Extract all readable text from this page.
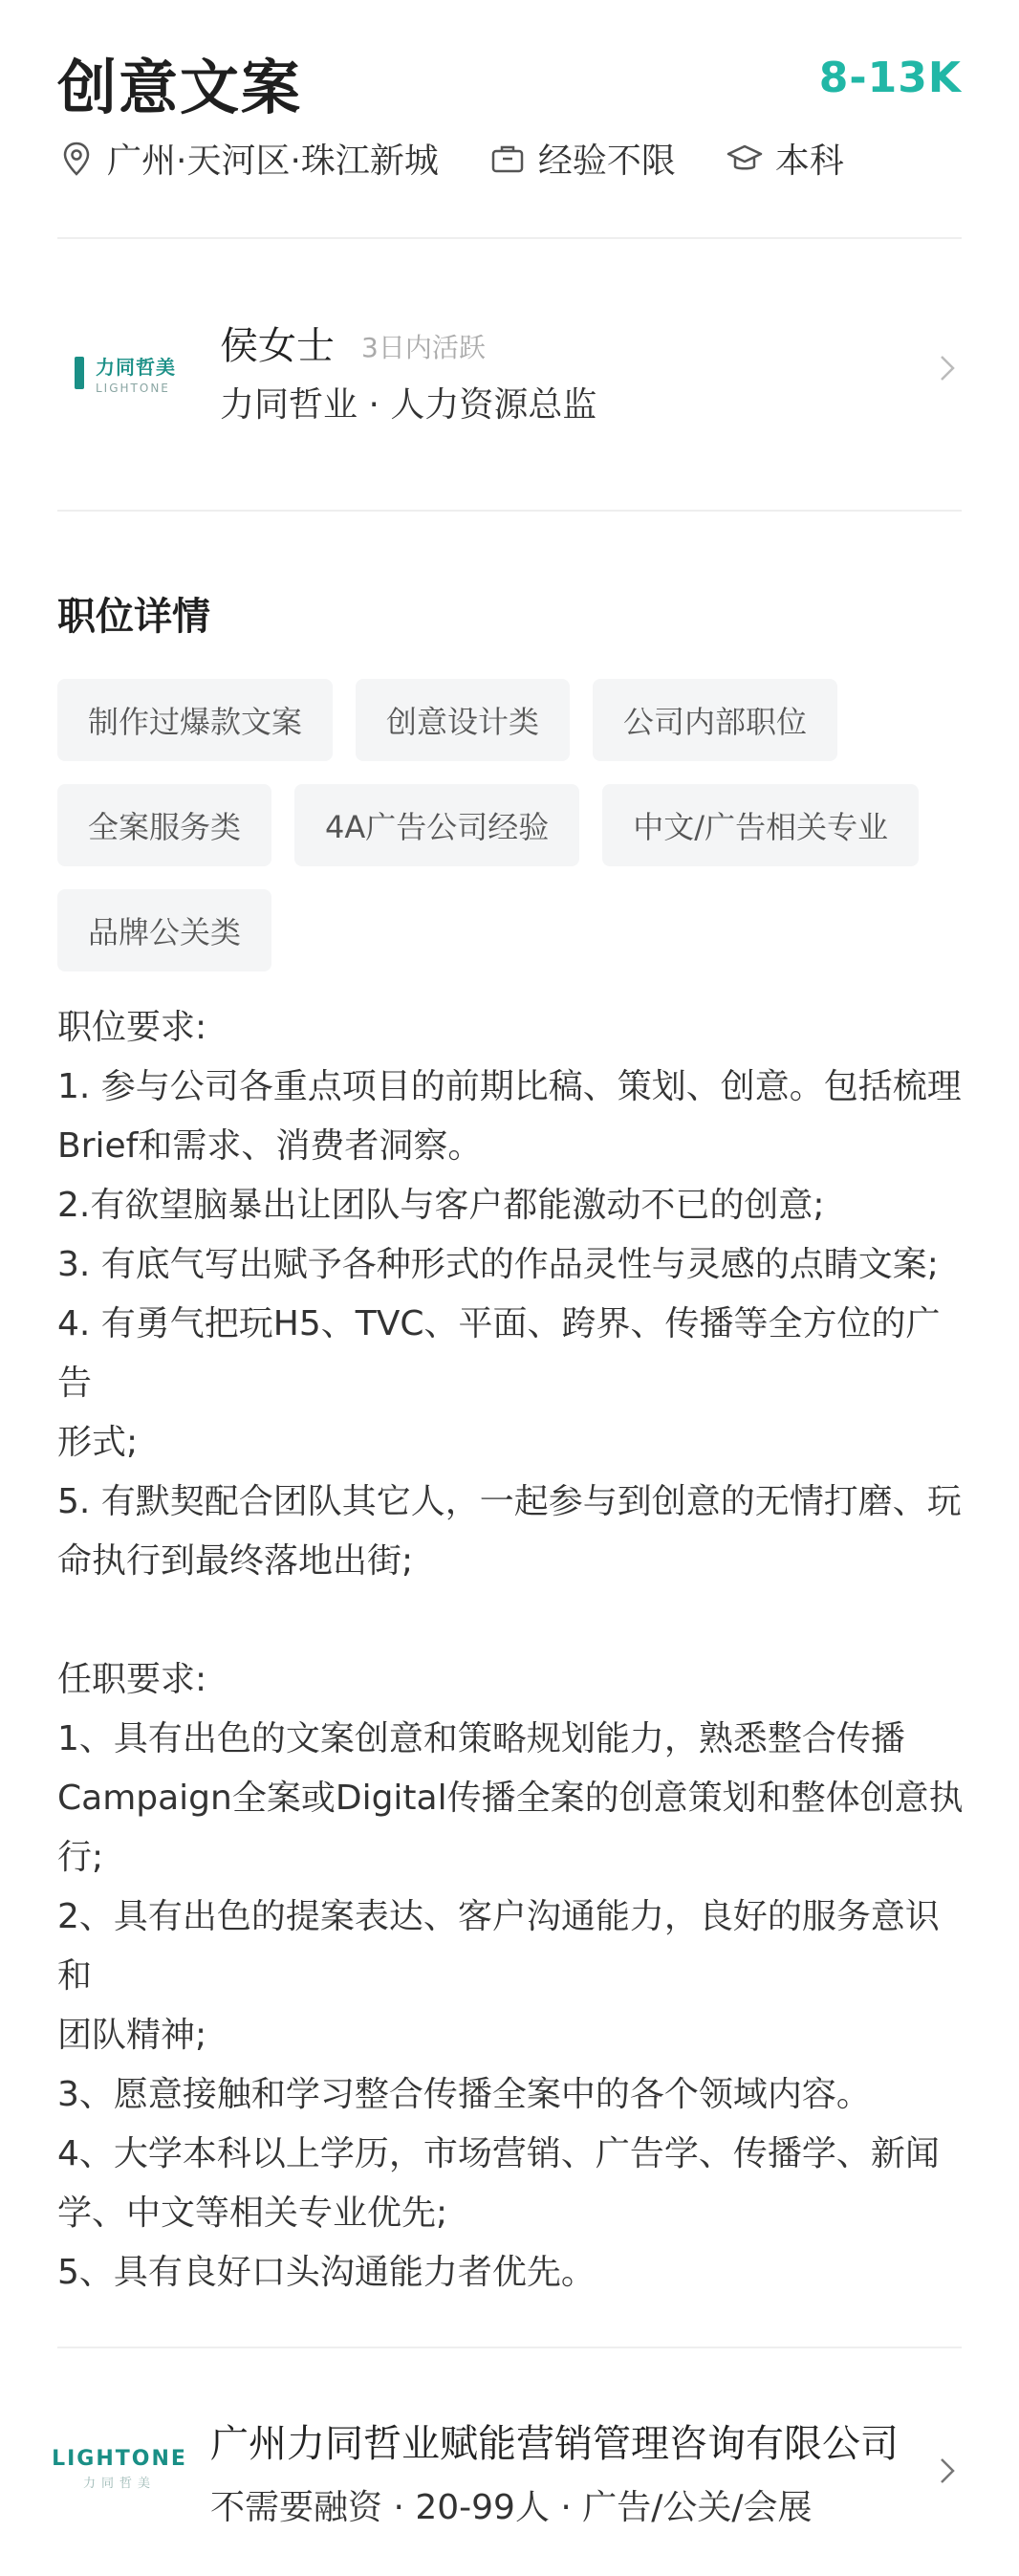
创意文案	8-13K
广州·天河区·珠江新城	经验不限	本科
力同哲美
LIGHTONE
侯女士 3日内活跃
力同哲业 · 人力资源总监
职位详情
制作过爆款文案	创意设计类	公司内部职位
全案服务类	4A广告公司经验	中文/广告相关专业
品牌公关类

职位要求:

1. 参与公司各重点项目的前期比稿、策划、创意。包括梳理

Brief和需求、消费者洞察。

2.有欲望脑暴出让团队与客户都能激动不已的创意;

3. 有底气写出赋予各种形式的作品灵性与灵感的点睛文案;

4. 有勇气把玩H5、TVC、平面、跨界、传播等全方位的广告

形式;

5. 有默契配合团队其它人，一起参与到创意的无情打磨、玩

命执行到最终落地出街;

任职要求:

1、具有出色的文案创意和策略规划能力，熟悉整合传播

Campaign全案或Digital传播全案的创意策划和整体创意执

行;

2、具有出色的提案表达、客户沟通能力，良好的服务意识和

团队精神;

3、愿意接触和学习整合传播全案中的各个领域内容。

4、大学本科以上学历，市场营销、广告学、传播学、新闻

学、中文等相关专业优先;

5、具有良好口头沟通能力者优先。

LIGHTONE
力同哲美
广州力同哲业赋能营销管理咨询有限公司
不需要融资 · 20-99人 · 广告/公关/会展
